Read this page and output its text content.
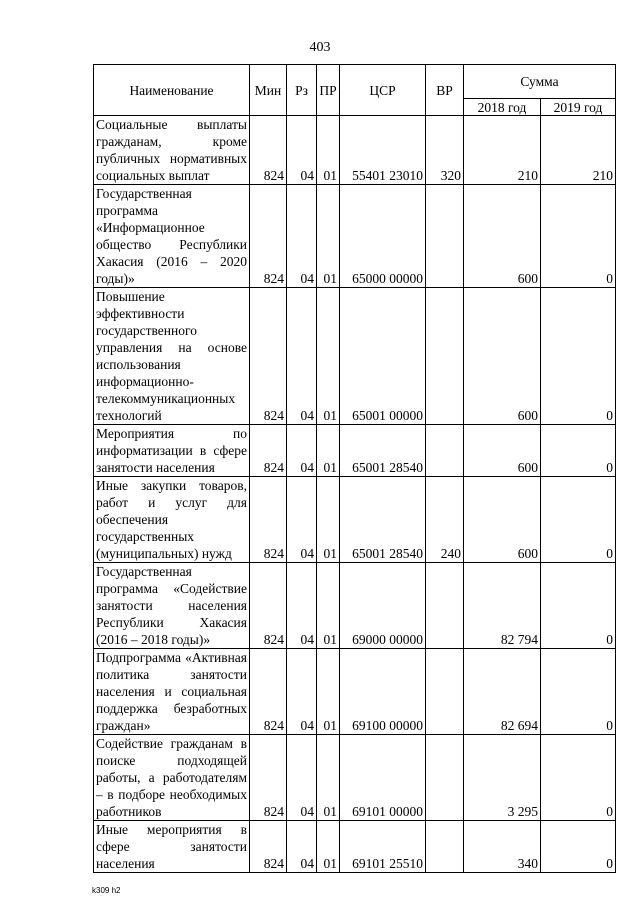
403
Наименование	Мин	Рз	ПР	ЦСР	ВР	Сумма	
						2018 год	2019 год
Социальные выплаты гражданам, кроме публичных нормативных социальных выплат	824	04	01	55401 23010	320	210	210
Государственная программа «Информационное общество Республики Хакасия (2016 – 2020 годы)»	824	04	01	65000 00000		600	0
Повышение эффективности государственного управления на основе использования информационно-телекоммуникационных технологий	824	04	01	65001 00000		600	0
Мероприятия по информатизации в сфере занятости населения	824	04	01	65001 28540		600	0
Иные закупки товаров, работ и услуг для обеспечения государственных (муниципальных) нужд	824	04	01	65001 28540	240	600	0
Государственная программа «Содействие занятости населения Республики Хакасия (2016 – 2018 годы)»	824	04	01	69000 00000		82 794	0
Подпрограмма «Активная политика занятости населения и социальная поддержка безработных граждан»	824	04	01	69100 00000		82 694	0
Содействие гражданам в поиске подходящей работы, а работодателям – в подборе необходимых работников	824	04	01	69101 00000		3 295	0
Иные мероприятия в сфере занятости населения	824	04	01	69101 25510		340	0
k309 h2
